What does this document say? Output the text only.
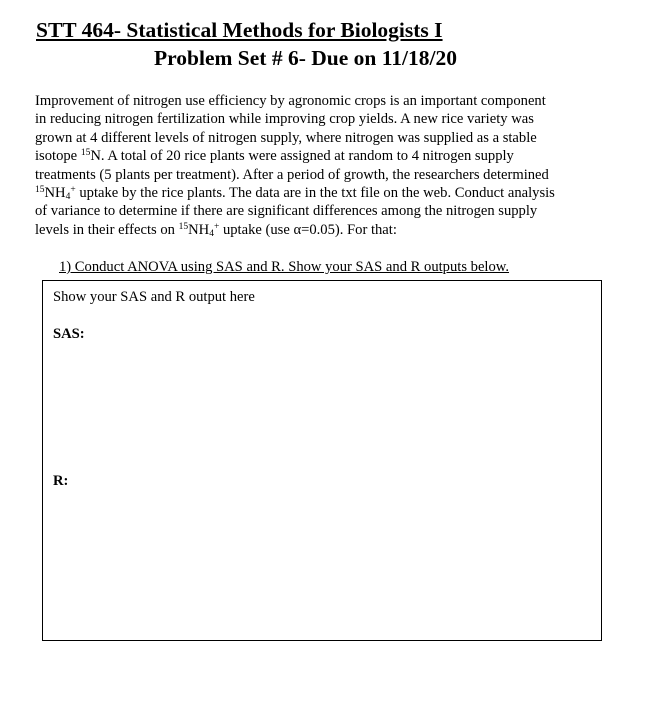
STT 464- Statistical Methods for Biologists I
Problem Set # 6- Due on 11/18/20
Improvement of nitrogen use efficiency by agronomic crops is an important component
in reducing nitrogen fertilization while improving crop yields. A new rice variety was
grown at 4 different levels of nitrogen supply, where nitrogen was supplied as a stable
isotope $^{15}$N. A total of 20 rice plants were assigned at random to 4 nitrogen supply
treatments (5 plants per treatment). After a period of growth, the researchers determined
$^{15}NH_4^+$ uptake by the rice plants. The data are in the txt file on the web. Conduct analysis
of variance to determine if there are significant differences among the nitrogen supply
levels in their effects on $^{15}NH_4^+$ uptake (use α=0.05). For that:
1) Conduct ANOVA using SAS and R. Show your SAS and R outputs below.
Show your SAS and R output here
SAS:
R:
